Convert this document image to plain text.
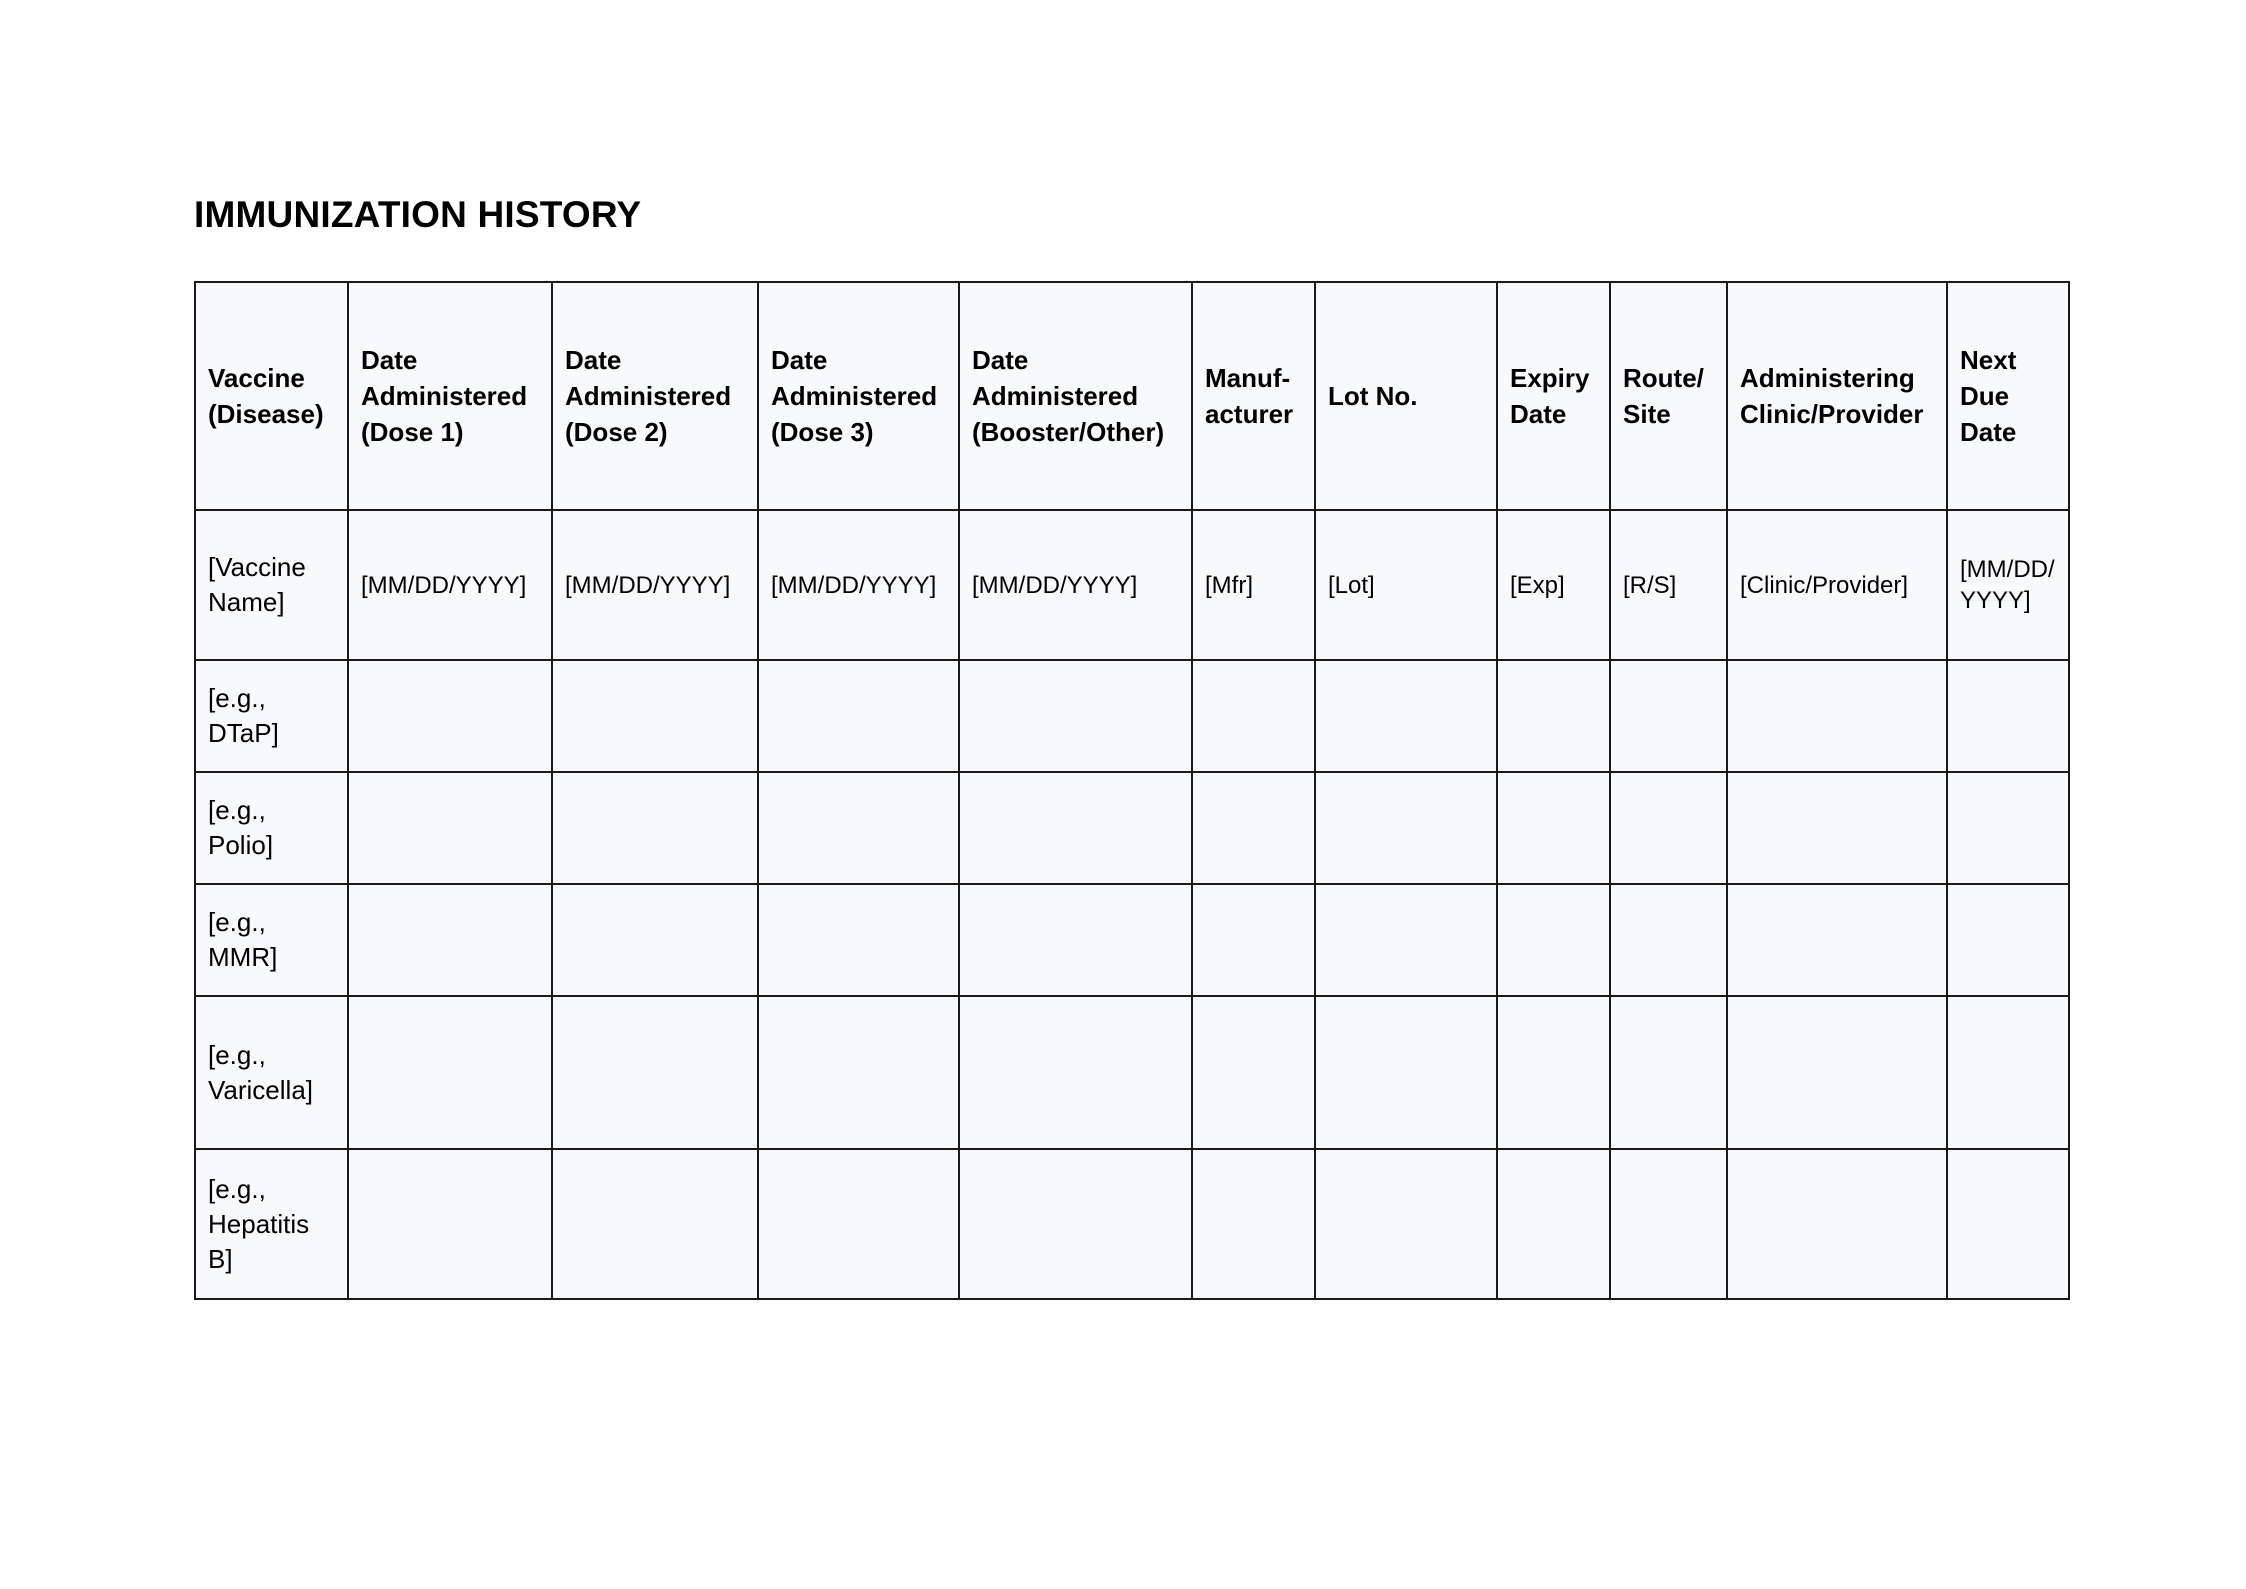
IMMUNIZATION HISTORY
Vaccine (Disease)	Date Administered (Dose 1)	Date Administered (Dose 2)	Date Administered (Dose 3)	Date Administered (Booster/Other)	Manuf- acturer	Lot No.	Expiry Date	Route/ Site	Administering Clinic/Provider	Next Due Date
[Vaccine Name]	[MM/DD/YYYY]	[MM/DD/YYYY]	[MM/DD/YYYY]	[MM/DD/YYYY]	[Mfr]	[Lot]	[Exp]	[R/S]	[Clinic/Provider]	[MM/DD/ YYYY]
[e.g., DTaP]										
[e.g., Polio]										
[e.g., MMR]										
[e.g., Varicella]										
[e.g., Hepatitis B]										
